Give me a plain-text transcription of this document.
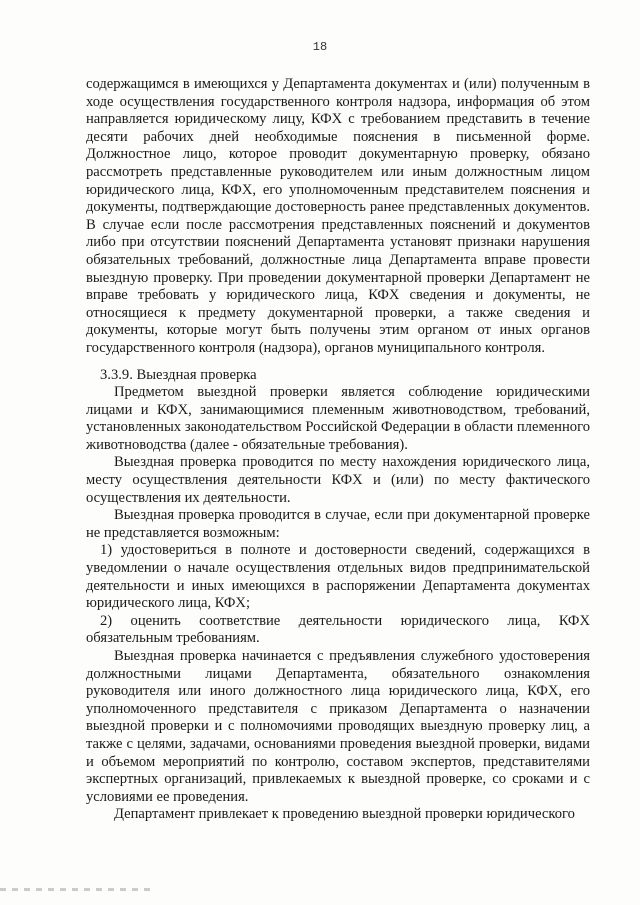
18

содержащимся в имеющихся у Департамента документах и (или) полученным в ходе осуществления государственного контроля надзора, информация об этом направляется юридическому лицу, КФХ с требованием представить в течение десяти рабочих дней необходимые пояснения в письменной форме. Должностное лицо, которое проводит документарную проверку, обязано рассмотреть представленные руководителем или иным должностным лицом юридического лица, КФХ, его уполномоченным представителем пояснения и документы, подтверждающие достоверность ранее представленных документов. В случае если после рассмотрения представленных пояснений и документов либо при отсутствии пояснений Департамента установят признаки нарушения обязательных требований, должностные лица Департамента вправе провести выездную проверку. При проведении документарной проверки Департамент не вправе требовать у юридического лица, КФХ сведения и документы, не относящиеся к предмету документарной проверки, а также сведения и документы, которые могут быть получены этим органом от иных органов государственного контроля (надзора), органов муниципального контроля.

3.3.9. Выездная проверка

Предметом выездной проверки является соблюдение юридическими лицами и КФХ, занимающимися племенным животноводством, требований, установленных законодательством Российской Федерации в области племенного животноводства (далее - обязательные требования).

Выездная проверка проводится по месту нахождения юридического лица, месту осуществления деятельности КФХ и (или) по месту фактического осуществления их деятельности.

Выездная проверка проводится в случае, если при документарной проверке не представляется возможным:

1) удостовериться в полноте и достоверности сведений, содержащихся в уведомлении о начале осуществления отдельных видов предпринимательской деятельности и иных имеющихся в распоряжении Департамента документах юридического лица, КФХ;

2) оценить соответствие деятельности юридического лица, КФХ обязательным требованиям.

Выездная проверка начинается с предъявления служебного удостоверения должностными лицами Департамента, обязательного ознакомления руководителя или иного должностного лица юридического лица, КФХ, его уполномоченного представителя с приказом Департамента о назначении выездной проверки и с полномочиями проводящих выездную проверку лиц, а также с целями, задачами, основаниями проведения выездной проверки, видами и объемом мероприятий по контролю, составом экспертов, представителями экспертных организаций, привлекаемых к выездной проверке, со сроками и с условиями ее проведения.

Департамент привлекает к проведению выездной проверки юридического
